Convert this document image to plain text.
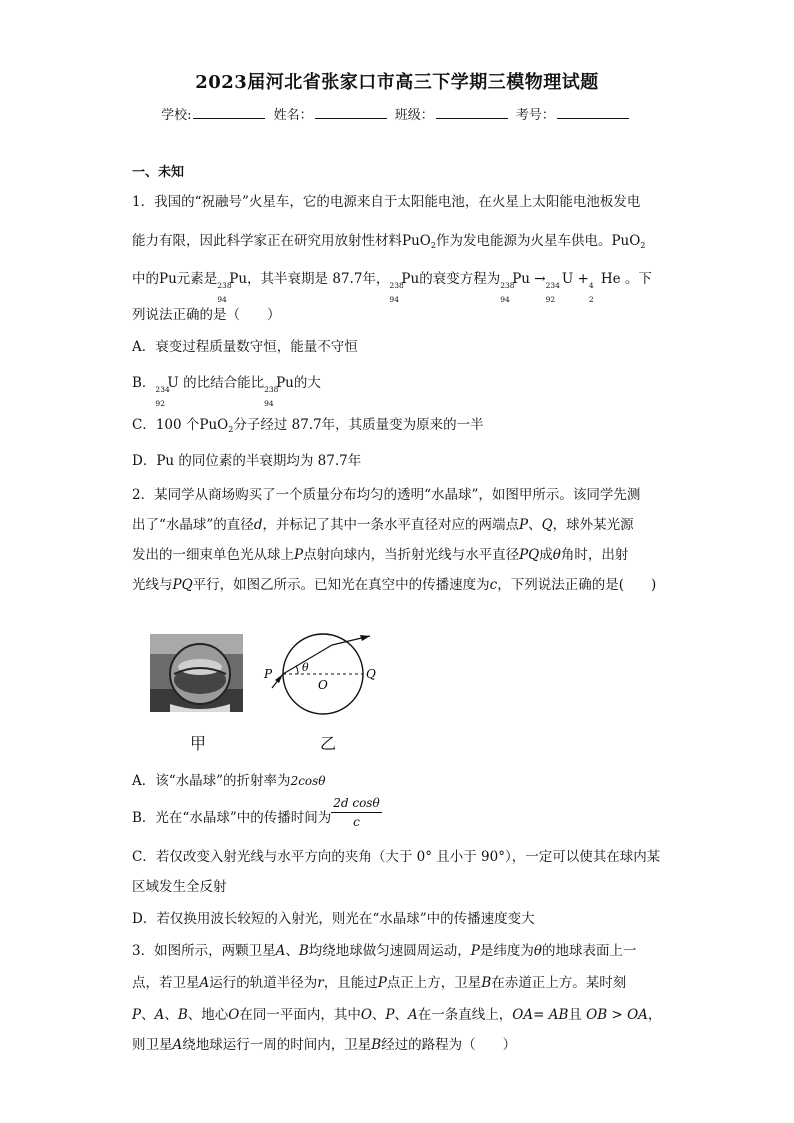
2023届河北省张家口市高三下学期三模物理试题
学校:	姓名：	班级：	考号：
一、未知
1．我国的“祝融号”火星车，它的电源来自于太阳能电池，在火星上太阳能电池板发电
能力有限，因此科学家正在研究用放射性材料PuO$_2$作为发电能源为火星车供电。PuO$_2$
中的Pu元素是 238
94
Pu，其半衰期是 87.7年， 238
94
Pu的衰变方程为 238
94
Pu → 234
92
U + 4
2
He 。下
列说法正确的是（　　）
A．衰变过程质量数守恒，能量不守恒
B． 234
92
U 的比结合能比 238
94
Pu的大
C．100 个PuO$_2$分子经过 87.7年，其质量变为原来的一半
D．Pu 的同位素的半衰期均为 87.7年
2．某同学从商场购买了一个质量分布均匀的透明“水晶球”，如图甲所示。该同学先测
出了“水晶球”的直径d，并标记了其中一条水平直径对应的两端点P、Q，球外某光源
发出的一细束单色光从球上P点射向球内，当折射光线与水平直径PQ成θ角时，出射
光线与PQ平行，如图乙所示。已知光在真空中的传播速度为c，下列说法正确的是(　　)
甲
P
O
Q
θ
乙
A．该“水晶球”的折射率为2cosθ
B．光在“水晶球”中的传播时间为 $\frac{\text{2d cosθ}}{c}$
C．若仅改变入射光线与水平方向的夹角（大于 0° 且小于 90°），一定可以使其在球内某
区域发生全反射
D．若仅换用波长较短的入射光，则光在“水晶球”中的传播速度变大
3．如图所示，两颗卫星A、B均绕地球做匀速圆周运动，P是纬度为θ的地球表面上一
点，若卫星A运行的轨道半径为r，且能过P点正上方，卫星B在赤道正上方。某时刻
P、A、B、地心O在同一平面内，其中O、P、A在一条直线上，OA= AB且 OB > OA，
则卫星A绕地球运行一周的时间内，卫星B经过的路程为（　　）
